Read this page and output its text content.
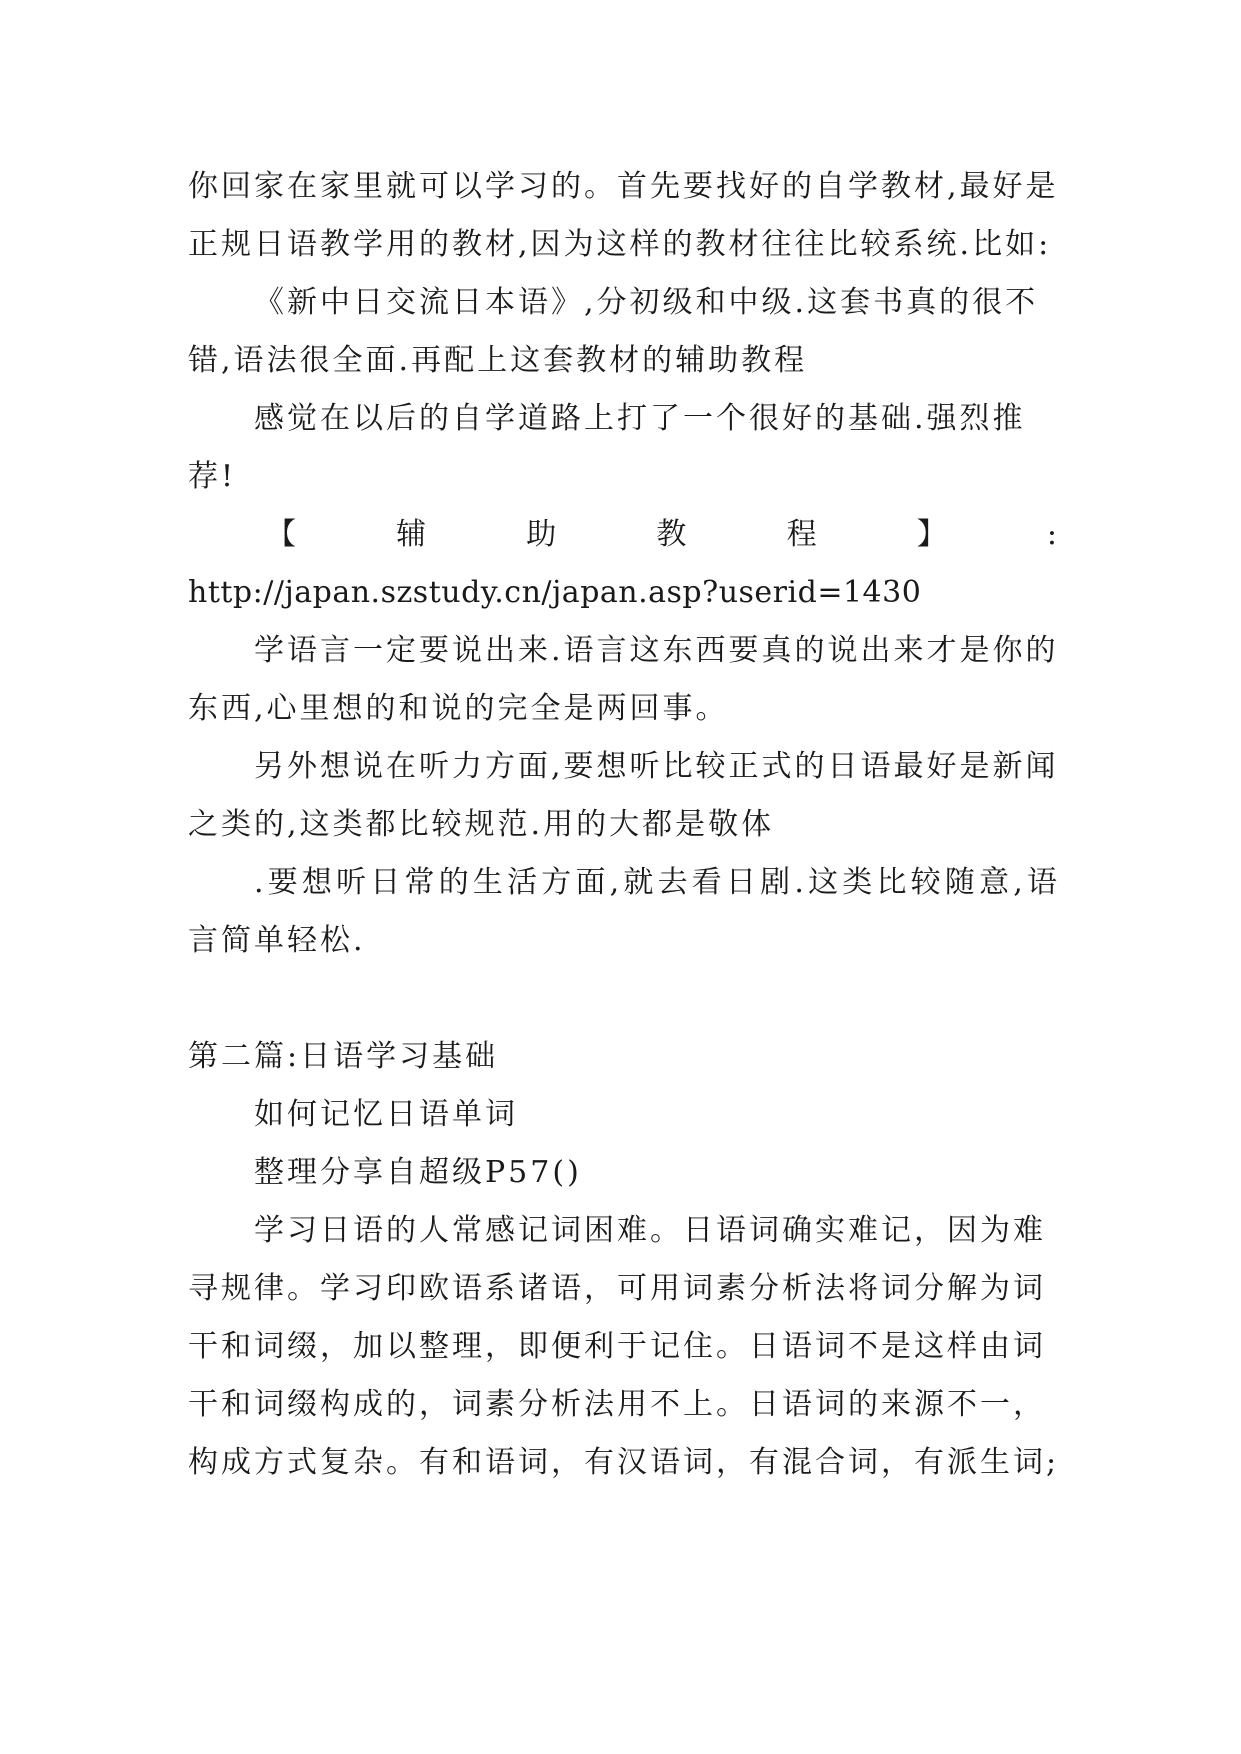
你回家在家里就可以学习的。首先要找好的自学教材,最好是正规日语教学用的教材,因为这样的教材往往比较系统.比如:

《新中日交流日本语》,分初级和中级.这套书真的很不错,语法很全面.再配上这套教材的辅助教程

感觉在以后的自学道路上打了一个很好的基础.强烈推荐!

【	辅	助	教	程	】	:

http://japan.szstudy.cn/japan.asp?userid=1430

学语言一定要说出来.语言这东西要真的说出来才是你的东西,心里想的和说的完全是两回事。

另外想说在听力方面,要想听比较正式的日语最好是新闻之类的,这类都比较规范.用的大都是敬体

.要想听日常的生活方面,就去看日剧.这类比较随意,语言简单轻松.

第二篇:日语学习基础

如何记忆日语单词

整理分享自超级P57()

学习日语的人常感记词困难。日语词确实难记，因为难寻规律。学习印欧语系诸语，可用词素分析法将词分解为词干和词缀，加以整理，即便利于记住。日语词不是这样由词干和词缀构成的，词素分析法用不上。日语词的来源不一，构成方式复杂。有和语词，有汉语词，有混合词，有派生词;
